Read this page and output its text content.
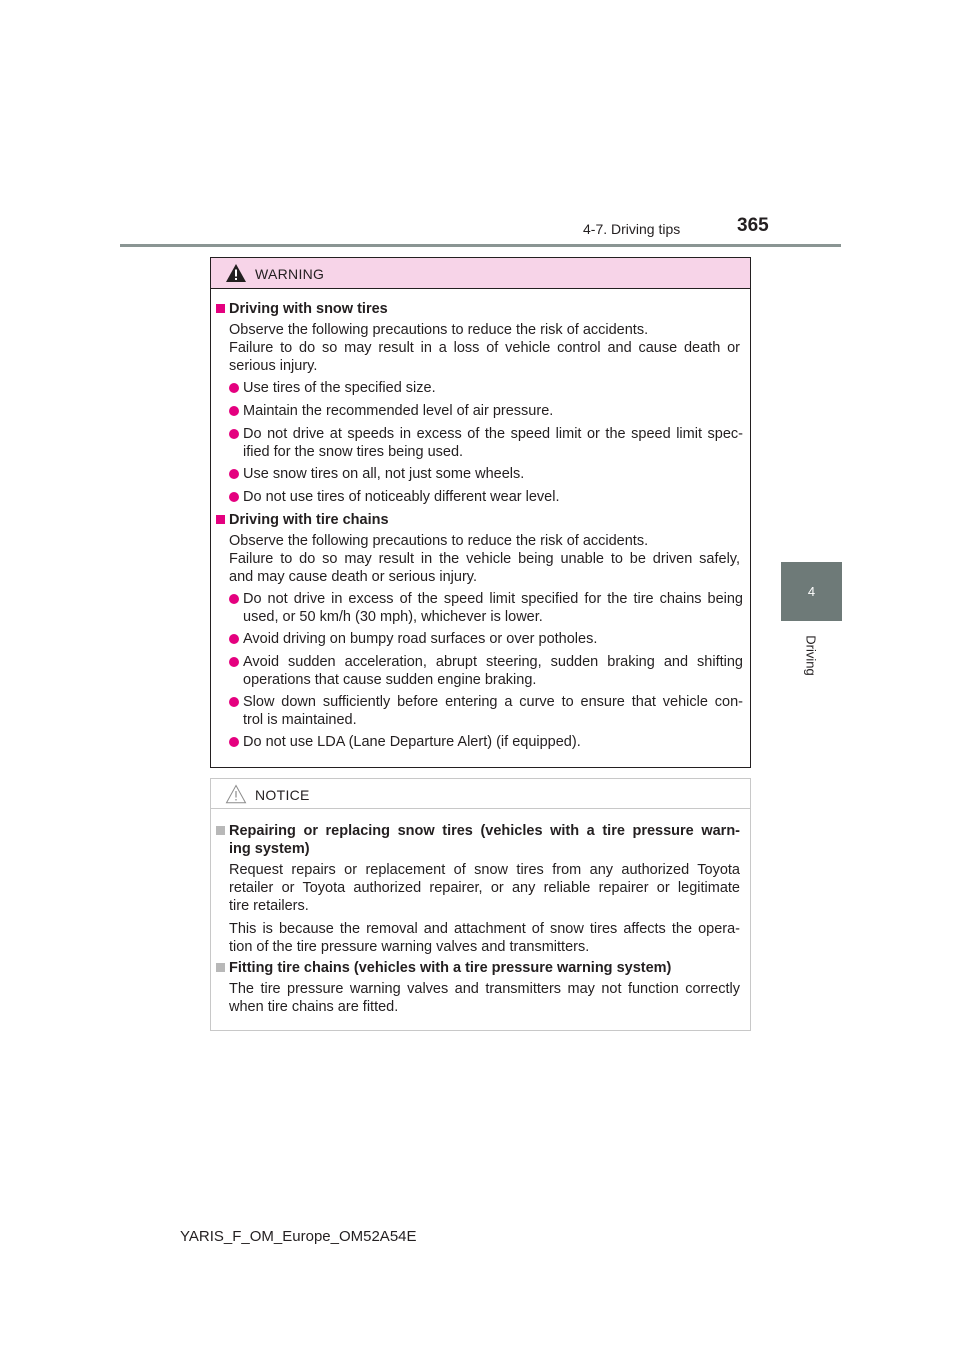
4-7. Driving tips	365
4
Driving
WARNING
Driving with snow tires
Observe the following precautions to reduce the risk of accidents.
Failure to do so may result in a loss of vehicle control and cause death or
serious injury.
Use tires of the specified size.
Maintain the recommended level of air pressure.
Do not drive at speeds in excess of the speed limit or the speed limit spec-
ified for the snow tires being used.
Use snow tires on all, not just some wheels.
Do not use tires of noticeably different wear level.
Driving with tire chains
Observe the following precautions to reduce the risk of accidents.
Failure to do so may result in the vehicle being unable to be driven safely,
and may cause death or serious injury.
Do not drive in excess of the speed limit specified for the tire chains being
used, or 50 km/h (30 mph), whichever is lower.
Avoid driving on bumpy road surfaces or over potholes.
Avoid sudden acceleration, abrupt steering, sudden braking and shifting
operations that cause sudden engine braking.
Slow down sufficiently before entering a curve to ensure that vehicle con-
trol is maintained.
Do not use LDA (Lane Departure Alert) (if equipped).
NOTICE
Repairing or replacing snow tires (vehicles with a tire pressure warn-
ing system)
Request repairs or replacement of snow tires from any authorized Toyota
retailer or Toyota authorized repairer, or any reliable repairer or legitimate
tire retailers.
This is because the removal and attachment of snow tires affects the opera-
tion of the tire pressure warning valves and transmitters.
Fitting tire chains (vehicles with a tire pressure warning system)
The tire pressure warning valves and transmitters may not function correctly
when tire chains are fitted.
YARIS_F_OM_Europe_OM52A54E
